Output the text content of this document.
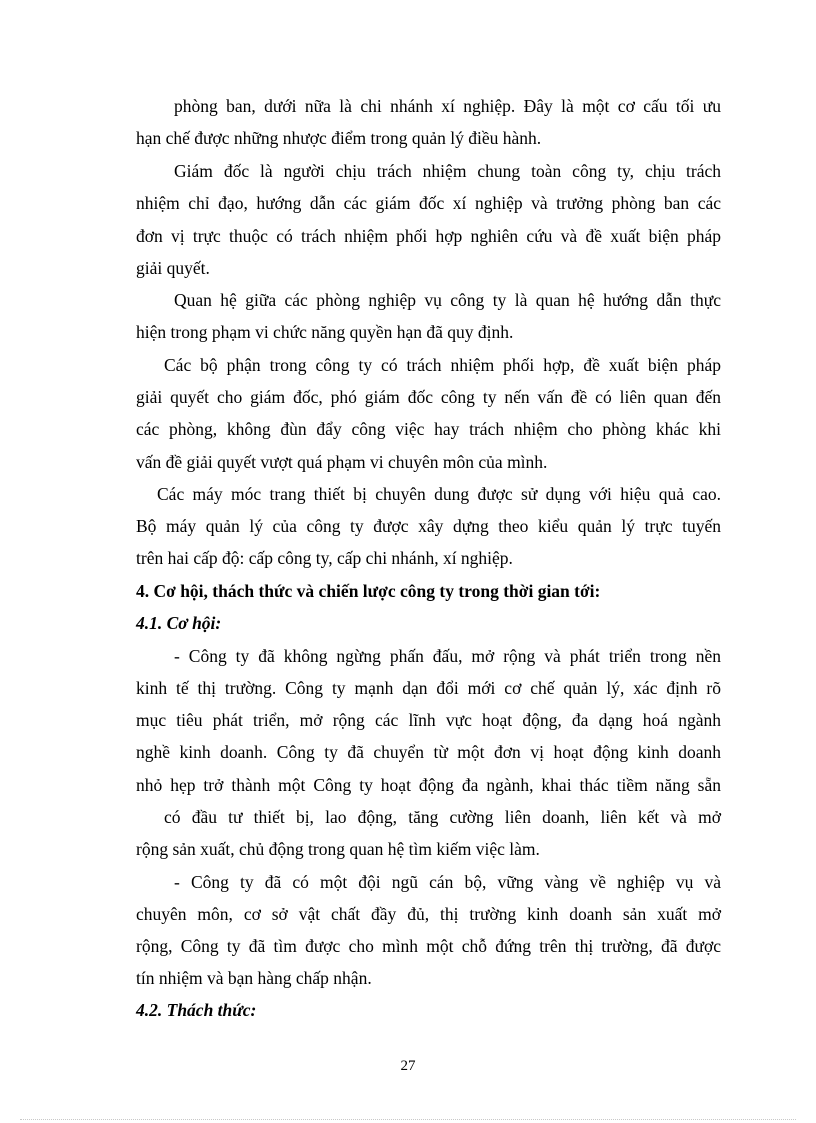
phòng ban, dưới nữa là chi nhánh xí nghiệp. Đây là một cơ cấu tối ưu
hạn chế được những nhược điểm trong quản lý điều hành.
Giám đốc là người chịu trách nhiệm chung toàn công ty, chịu trách
nhiệm chỉ đạo, hướng dẫn các giám đốc xí nghiệp và trưởng phòng ban các
đơn vị trực thuộc có trách nhiệm phối hợp nghiên cứu và đề xuất biện pháp
giải quyết.
Quan hệ giữa các phòng nghiệp vụ công ty là quan hệ hướng dẫn thực
hiện trong phạm vi chức năng quyền hạn đã quy định.
Các bộ phận trong công ty có trách nhiệm phối hợp, đề xuất biện pháp
giải quyết cho giám đốc, phó giám đốc công ty nến vấn đề có liên quan đến
các phòng, không đùn đẩy công việc hay trách nhiệm cho phòng khác khi
vấn đề giải quyết vượt quá phạm vi chuyên môn của mình.
Các máy móc trang thiết bị chuyên dung được sử dụng với hiệu quả cao.
Bộ máy quản lý của công ty được xây dựng theo kiểu quản lý trực tuyến
trên hai cấp độ: cấp công ty, cấp chi nhánh, xí nghiệp.
4. Cơ hội, thách thức và chiến lược công ty trong thời gian tới:
4.1. Cơ hội:
- Công ty đã không ngừng phấn đấu, mở rộng và phát triển trong nền
kinh tế thị trường. Công ty mạnh dạn đổi mới cơ chế quản lý, xác định rõ
mục tiêu phát triển, mở rộng các lĩnh vực hoạt động, đa dạng hoá ngành
nghề kinh doanh. Công ty đã chuyển từ một đơn vị hoạt động kinh doanh
nhỏ hẹp trở thành một Công ty hoạt động đa ngành, khai thác tiềm năng sẵn
có đầu tư thiết bị, lao động, tăng cường liên doanh, liên kết và mở
rộng sản xuất, chủ động trong quan hệ tìm kiếm việc làm.
- Công ty đã có một đội ngũ cán bộ, vững vàng về nghiệp vụ và
chuyên môn, cơ sở vật chất đầy đủ, thị trường kinh doanh sản xuất mở
rộng, Công ty đã tìm được cho mình một chỗ đứng trên thị trường, đã được
tín nhiệm và bạn hàng chấp nhận.
4.2. Thách thức:
27
